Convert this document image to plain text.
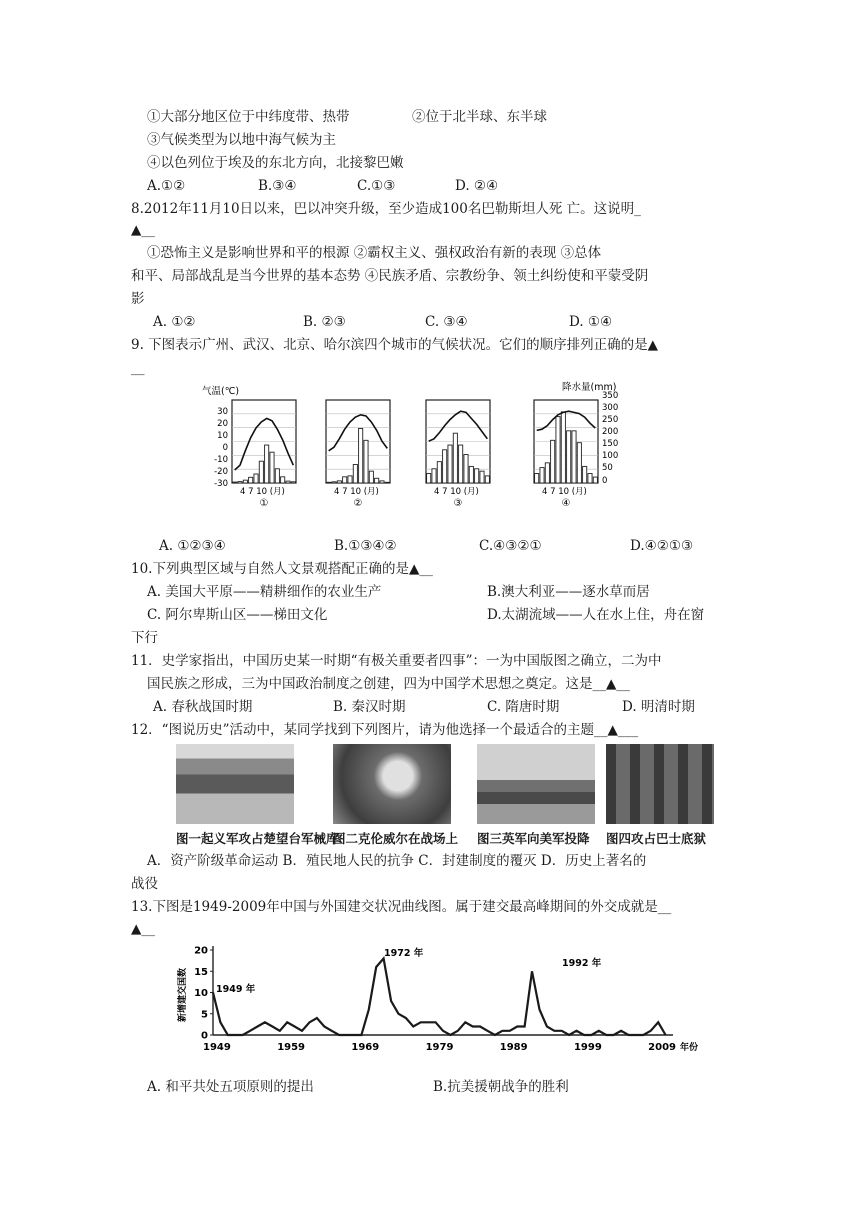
①大部分地区位于中纬度带、热带	②位于北半球、东半球
③气候类型为以地中海气候为主
④以色列位于埃及的东北方向，北接黎巴嫩
A.①②	B.③④	C.①③	D. ②④
8.2012年11月10日以来，巴以冲突升级，至少造成100名巴勒斯坦人死 亡。这说明_
▲__
①恐怖主义是影响世界和平的根源 ②霸权主义、强权政治有新的表现 ③总体
和平、局部战乱是当今世界的基本态势 ④民族矛盾、宗教纷争、领土纠纷使和平蒙受阴
影
A. ①②	B. ②③	C. ③④	D. ①④
9. 下图表示广州、武汉、北京、哈尔滨四个城市的气候状况。它们的顺序排列正确的是▲
__
气温(℃)	降水量(mm)
30
20
10
0
-10
-20
-30
350
300
250
200
150
100
50
0
4 7 10 (月)	4 7 10 (月)	4 7 10 (月)	4 7 10 (月)
①	②	③	④
A. ①②③④	B.①③④②	C.④③②①	D.④②①③
10.下列典型区域与自然人文景观搭配正确的是▲__
A. 美国大平原——精耕细作的农业生产	B.澳大利亚——逐水草而居
C. 阿尔卑斯山区——梯田文化	D.太湖流域——人在水上住，舟在窗
下行
11．史学家指出，中国历史某一时期“有极关重要者四事”：一为中国版图之确立，二为中
国民族之形成，三为中国政治制度之创建，四为中国学术思想之奠定。这是__▲__
A. 春秋战国时期	B. 秦汉时期	C. 隋唐时期	D. 明清时期
12．“图说历史”活动中，某同学找到下列图片，请为他选择一个最适合的主题__▲___
图一起义军攻占楚望台军械库
图二克伦威尔在战场上 图三英军向美军投降 图四攻占巴士底狱
A．资产阶级革命运动 B．殖民地人民的抗争 C．封建制度的覆灭 D．历史上著名的
战役
13.下图是1949-2009年中国与外国建交状况曲线图。属于建交最高峰期间的外交成就是__
▲__
新增建交国数
年份
1949	1959	1969	1979	1989	1999	2009
0
5
10
15
20
1949 年
1972 年
1992 年
A. 和平共处五项原则的提出	B.抗美援朝战争的胜利
